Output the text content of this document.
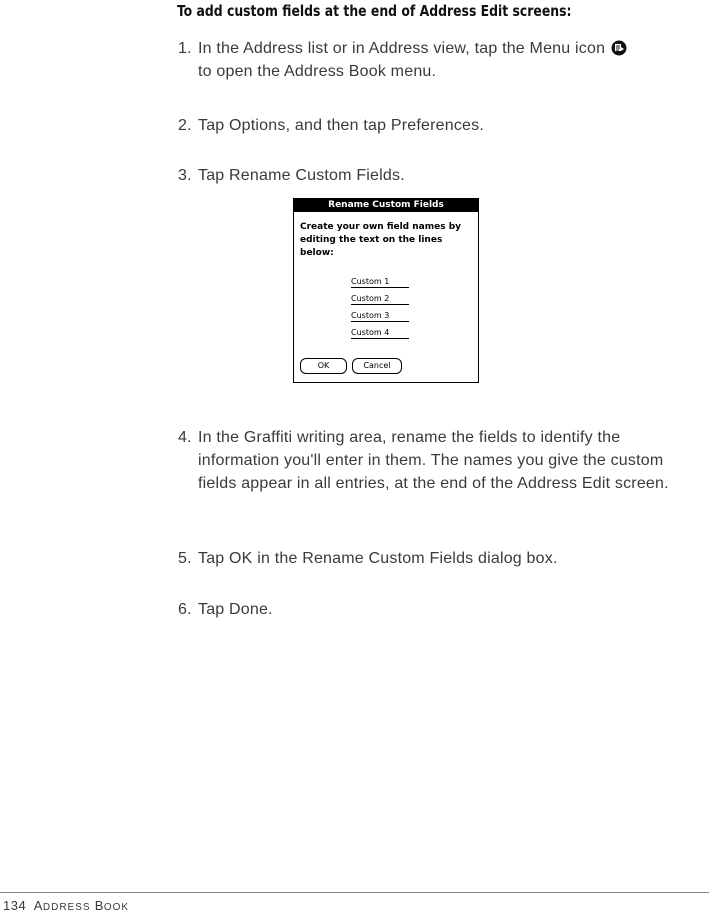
To add custom fields at the end of Address Edit screens:
1. In the Address list or in Address view, tap the Menu icon
to open the Address Book menu.
2. Tap Options, and then tap Preferences.
3. Tap Rename Custom Fields.
Rename Custom Fields
Create your own field names by editing the text on the lines below:
Custom 1
Custom 2
Custom 3
Custom 4
OK	Cancel
4. In the Graffiti writing area, rename the fields to identify the information you'll enter in them. The names you give the custom fields appear in all entries, at the end of the Address Edit screen.
5. Tap OK in the Rename Custom Fields dialog box.
6. Tap Done.
134 ADDRESS BOOK
